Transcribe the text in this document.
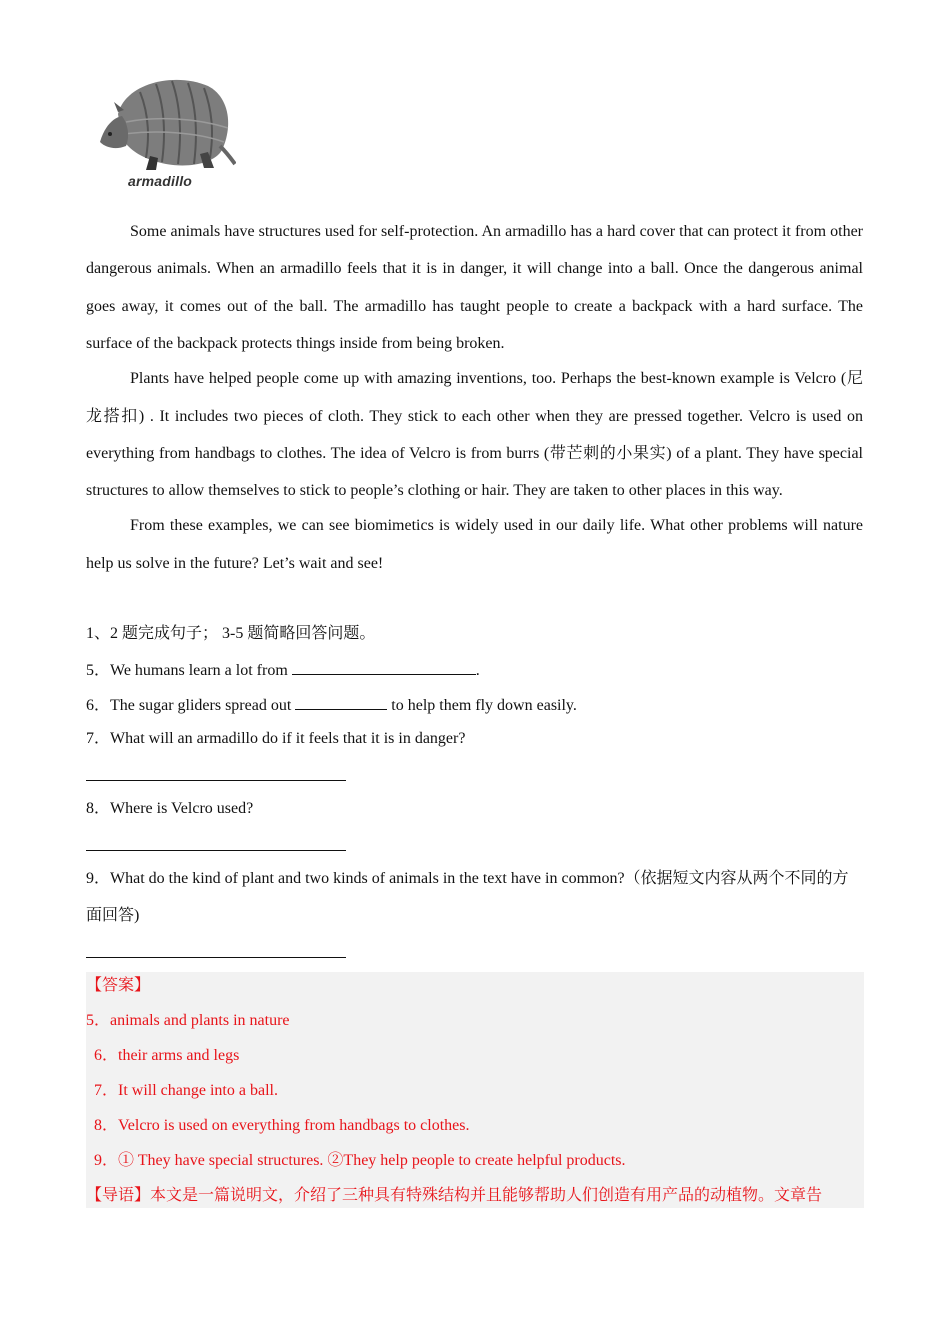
armadillo

Some animals have structures used for self-protection. An armadillo has a hard cover that can protect it from other dangerous animals. When an armadillo feels that it is in danger, it will change into a ball. Once the dangerous animal goes away, it comes out of the ball. The armadillo has taught people to create a backpack with a hard surface. The surface of the backpack protects things inside from being broken.

Plants have helped people come up with amazing inventions, too. Perhaps the best-known example is Velcro (尼龙搭扣) . It includes two pieces of cloth. They stick to each other when they are pressed together. Velcro is used on everything from handbags to clothes. The idea of Velcro is from burrs (带芒刺的小果实) of a plant. They have special structures to allow themselves to stick to people’s clothing or hair. They are taken to other places in this way.

From these examples, we can see biomimetics is widely used in our daily life. What other problems will nature help us solve in the future? Let’s wait and see!

1、2 题完成句子； 3-5 题简略回答问题。
5．We humans learn a lot from	.
6．The sugar gliders spread out	to help them fly down easily.
7．What will an armadillo do if it feels that it is in danger?
8．Where is Velcro used?
9．What do the kind of plant and two kinds of animals in the text have in common?（依据短文内容从两个不同的方面回答)
【答案】
5．animals and plants in nature
6．their arms and legs
7．It will change into a ball.
8．Velcro is used on everything from handbags to clothes.
9．① They have special structures. ②They help people to create helpful products.
【导语】本文是一篇说明文，介绍了三种具有特殊结构并且能够帮助人们创造有用产品的动植物。文章告
